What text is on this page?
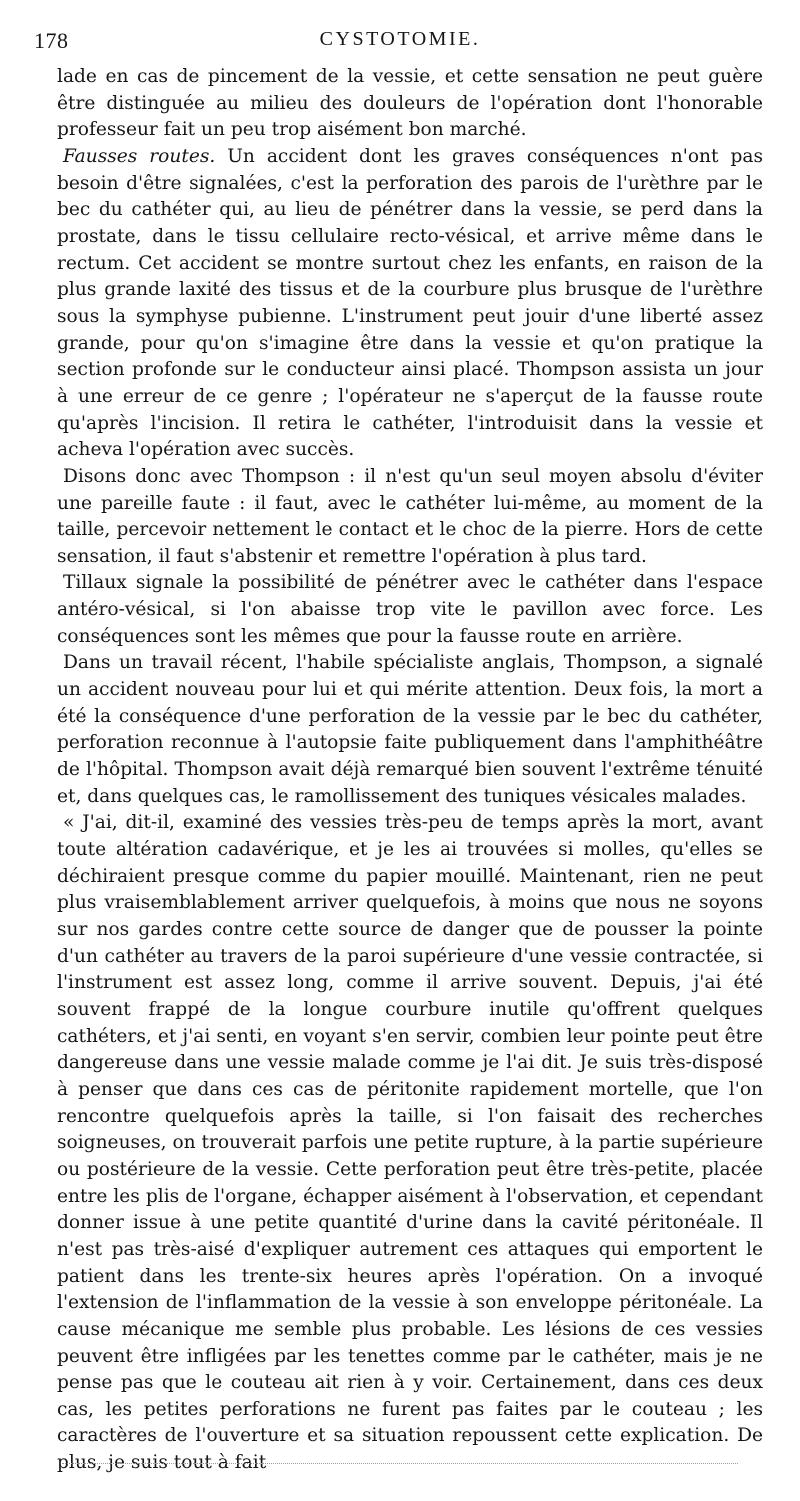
178	CYSTOTOMIE.

lade en cas de pincement de la vessie, et cette sensation ne peut guère être distinguée au milieu des douleurs de l'opération dont l'honorable professeur fait un peu trop aisément bon marché.

Fausses routes. Un accident dont les graves conséquences n'ont pas besoin d'être signalées, c'est la perforation des parois de l'urèthre par le bec du cathéter qui, au lieu de pénétrer dans la vessie, se perd dans la prostate, dans le tissu cellulaire recto-vésical, et arrive même dans le rectum. Cet accident se montre surtout chez les enfants, en raison de la plus grande laxité des tissus et de la courbure plus brusque de l'urèthre sous la symphyse pubienne. L'instrument peut jouir d'une liberté assez grande, pour qu'on s'imagine être dans la vessie et qu'on pratique la section profonde sur le conducteur ainsi placé. Thompson assista un jour à une erreur de ce genre ; l'opérateur ne s'aperçut de la fausse route qu'après l'incision. Il retira le cathéter, l'introduisit dans la vessie et acheva l'opération avec succès.

Disons donc avec Thompson : il n'est qu'un seul moyen absolu d'éviter une pareille faute : il faut, avec le cathéter lui-même, au moment de la taille, percevoir nettement le contact et le choc de la pierre. Hors de cette sensation, il faut s'abstenir et remettre l'opération à plus tard.

Tillaux signale la possibilité de pénétrer avec le cathéter dans l'espace antéro-vésical, si l'on abaisse trop vite le pavillon avec force. Les conséquences sont les mêmes que pour la fausse route en arrière.

Dans un travail récent, l'habile spécialiste anglais, Thompson, a signalé un accident nouveau pour lui et qui mérite attention. Deux fois, la mort a été la conséquence d'une perforation de la vessie par le bec du cathéter, perforation reconnue à l'autopsie faite publiquement dans l'amphithéâtre de l'hôpital. Thompson avait déjà remarqué bien souvent l'extrême ténuité et, dans quelques cas, le ramollissement des tuniques vésicales malades.

« J'ai, dit-il, examiné des vessies très-peu de temps après la mort, avant toute altération cadavérique, et je les ai trouvées si molles, qu'elles se déchiraient presque comme du papier mouillé. Maintenant, rien ne peut plus vraisemblablement arriver quelquefois, à moins que nous ne soyons sur nos gardes contre cette source de danger que de pousser la pointe d'un cathéter au travers de la paroi supérieure d'une vessie contractée, si l'instrument est assez long, comme il arrive souvent. Depuis, j'ai été souvent frappé de la longue courbure inutile qu'offrent quelques cathéters, et j'ai senti, en voyant s'en servir, combien leur pointe peut être dangereuse dans une vessie malade comme je l'ai dit. Je suis très-disposé à penser que dans ces cas de péritonite rapidement mortelle, que l'on rencontre quelquefois après la taille, si l'on faisait des recherches soigneuses, on trouverait parfois une petite rupture, à la partie supérieure ou postérieure de la vessie. Cette perforation peut être très-petite, placée entre les plis de l'organe, échapper aisément à l'observation, et cependant donner issue à une petite quantité d'urine dans la cavité péritonéale. Il n'est pas très-aisé d'expliquer autrement ces attaques qui emportent le patient dans les trente-six heures après l'opération. On a invoqué l'extension de l'inflammation de la vessie à son enveloppe péritonéale. La cause mécanique me semble plus probable. Les lésions de ces vessies peuvent être infligées par les tenettes comme par le cathéter, mais je ne pense pas que le couteau ait rien à y voir. Certainement, dans ces deux cas, les petites perforations ne furent pas faites par le couteau ; les caractères de l'ouverture et sa situation repoussent cette explication. De plus, je suis tout à fait
